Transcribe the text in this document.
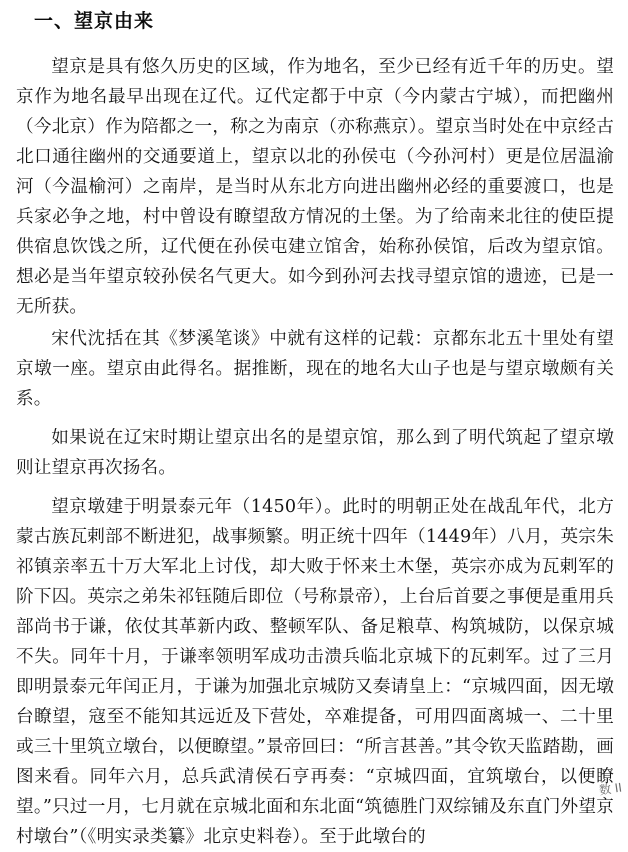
一、望京由来

望京是具有悠久历史的区域，作为地名，至少已经有近千年的历史。望京作为地名最早出现在辽代。辽代定都于中京（今内蒙古宁城），而把幽州（今北京）作为陪都之一，称之为南京（亦称燕京）。望京当时处在中京经古北口通往幽州的交通要道上，望京以北的孙侯屯（今孙河村）更是位居温渝河（今温榆河）之南岸，是当时从东北方向进出幽州必经的重要渡口，也是兵家必争之地，村中曾设有瞭望敌方情况的土堡。为了给南来北往的使臣提供宿息饮饯之所，辽代便在孙侯屯建立馆舍，始称孙侯馆，后改为望京馆。想必是当年望京较孙侯名气更大。如今到孙河去找寻望京馆的遗迹，已是一无所获。

宋代沈括在其《梦溪笔谈》中就有这样的记载：京都东北五十里处有望京墩一座。望京由此得名。据推断，现在的地名大山子也是与望京墩颇有关系。

如果说在辽宋时期让望京出名的是望京馆，那么到了明代筑起了望京墩则让望京再次扬名。

望京墩建于明景泰元年（1450年）。此时的明朝正处在战乱年代，北方蒙古族瓦剌部不断进犯，战事频繁。明正统十四年（1449年）八月，英宗朱祁镇亲率五十万大军北上讨伐，却大败于怀来土木堡，英宗亦成为瓦剌军的阶下囚。英宗之弟朱祁钰随后即位（号称景帝），上台后首要之事便是重用兵部尚书于谦，依仗其革新内政、整顿军队、备足粮草、构筑城防，以保京城不失。同年十月，于谦率领明军成功击溃兵临北京城下的瓦剌军。过了三月即明景泰元年闰正月，于谦为加强北京城防又奏请皇上：“京城四面，因无墩台瞭望，寇至不能知其远近及下营处，卒难提备，可用四面离城一、二十里或三十里筑立墩台，以便瞭望。”景帝回曰：“所言甚善。”其令钦天监踏勘，画图来看。同年六月，总兵武清侯石亨再奏：“京城四面，宜筑墩台，以便瞭望。”只过一月，七月就在京城北面和东北面“筑德胜门双综铺及东直门外望京村墩台”（《明实录类纂》北京史料卷）。至于此墩台的

数 II
